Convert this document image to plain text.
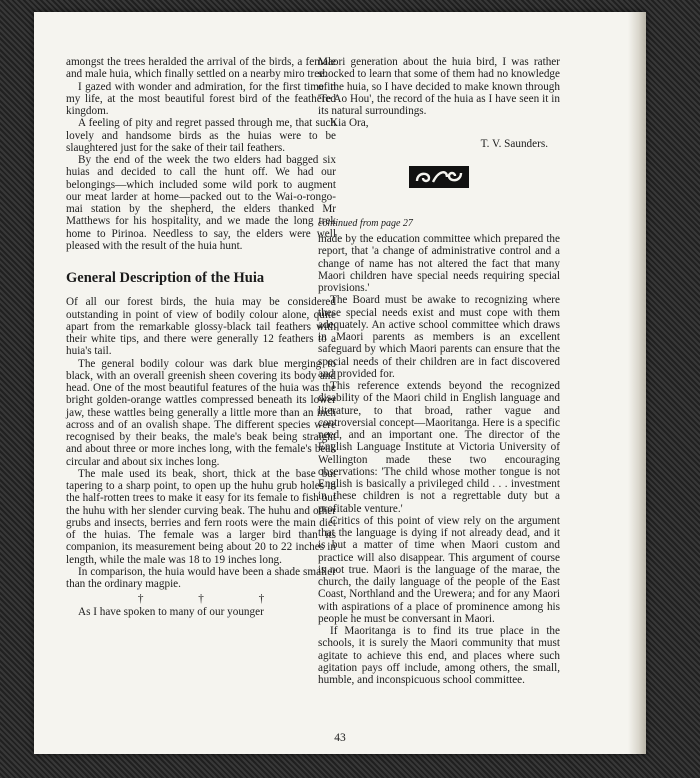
amongst the trees heralded the arrival of the birds, a female and male huia, which finally settled on a nearby miro tree.

I gazed with wonder and admiration, for the first time in my life, at the most beautiful forest bird of the feathered kingdom.

A feeling of pity and regret passed through me, that such lovely and handsome birds as the huias were to be slaughtered just for the sake of their tail feathers.

By the end of the week the two elders had bagged six huias and decided to call the hunt off. We had our belongings—which included some wild pork to augment our meat larder at home—packed out to the Wai-o-rongo-mai station by the shepherd, the elders thanked Mr Matthews for his hospitality, and we made the long trek home to Pirinoa. Needless to say, the elders were well pleased with the result of the huia hunt.

General Description of the Huia

Of all our forest birds, the huia may be considered outstanding in point of view of bodily colour alone, quite apart from the remarkable glossy-black tail feathers with their white tips, and there were generally 12 feathers to a huia's tail.

The general bodily colour was dark blue merging to black, with an overall greenish sheen covering its body and head. One of the most beautiful features of the huia was the bright golden-orange wattles compressed beneath its lower jaw, these wattles being generally a little more than an inch across and of an ovalish shape. The different species were recognised by their beaks, the male's beak being straight and about three or more inches long, with the female's beak circular and about six inches long.

The male used its beak, short, thick at the base but tapering to a sharp point, to open up the huhu grub holes in the half-rotten trees to make it easy for its female to fish out the huhu with her slender curving beak. The huhu and other grubs and insects, berries and fern roots were the main diet of the huias. The female was a larger bird than its companion, its measurement being about 20 to 22 inches in length, while the male was 18 to 19 inches long.

In comparison, the huia would have been a shade smaller than the ordinary magpie.

† † †

As I have spoken to many of our younger

Maori generation about the huia bird, I was rather shocked to learn that some of them had no knowledge of the huia, so I have decided to make known through 'Te Ao Hou', the record of the huia as I have seen it in its natural surroundings.

Kia Ora,

T. V. Saunders.

continued from page 27

made by the education committee which prepared the report, that 'a change of administrative control and a change of name has not altered the fact that many Maori children have special needs requiring special provisions.'

The Board must be awake to recognizing where these special needs exist and must cope with them adequately. An active school committee which draws in Maori parents as members is an excellent safeguard by which Maori parents can ensure that the special needs of their children are in fact discovered and provided for.

This reference extends beyond the recognized disability of the Maori child in English language and literature, to that broad, rather vague and controversial concept—Maoritanga. Here is a specific need, and an important one. The director of the English Language Institute at Victoria University of Wellington made these two encouraging observations: 'The child whose mother tongue is not English is basically a privileged child . . . investment in these children is not a regrettable duty but a profitable venture.'

Critics of this point of view rely on the argument that the language is dying if not already dead, and it is but a matter of time when Maori custom and practice will also disappear. This argument of course is not true. Maori is the language of the marae, the church, the daily language of the people of the East Coast, Northland and the Urewera; and for any Maori with aspirations of a place of prominence among his people he must be conversant in Maori.

If Maoritanga is to find its true place in the schools, it is surely the Maori community that must agitate to achieve this end, and places where such agitation pays off include, among others, the small, humble, and inconspicuous school committee.

43
